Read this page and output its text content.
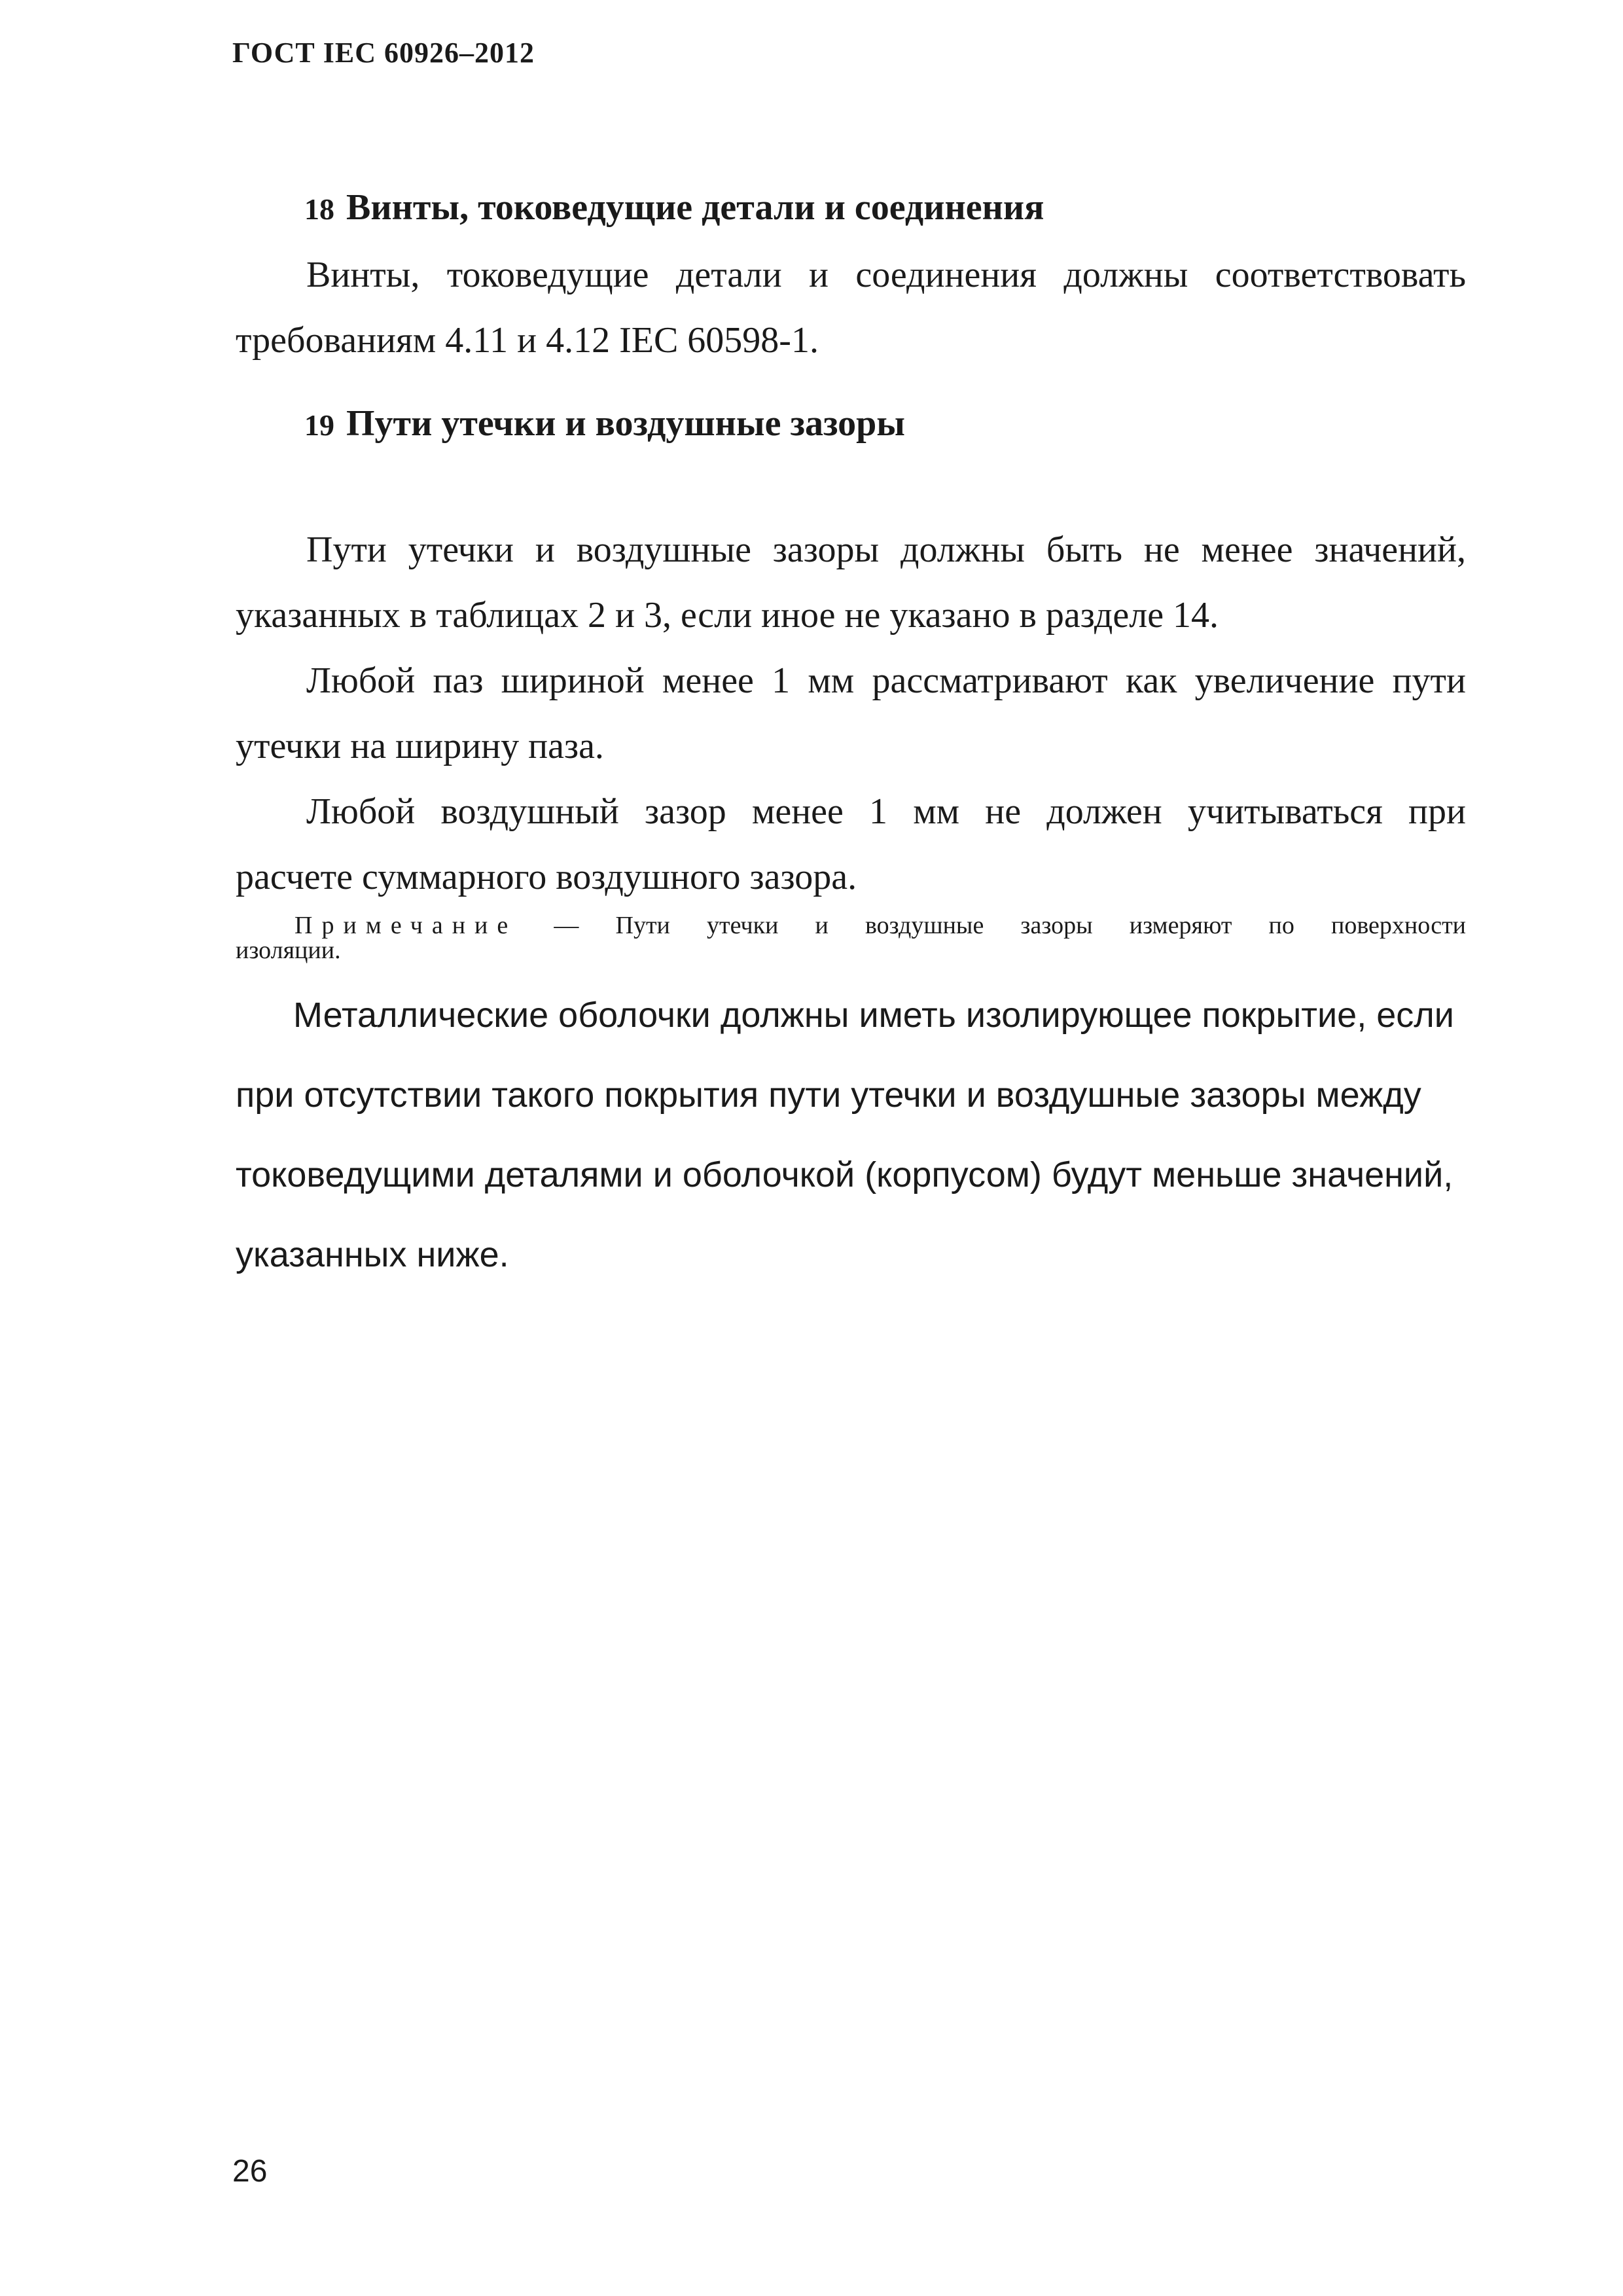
ГОСТ IEC 60926–2012
18 Винты, токоведущие детали и соединения
Винты, токоведущие детали и соединения должны соответствовать
требованиям 4.11 и 4.12 IEC 60598-1.
19 Пути утечки и воздушные зазоры
Пути утечки и воздушные зазоры должны быть не менее значений,
указанных в таблицах 2 и 3, если иное не указано в разделе 14.
Любой паз шириной менее 1 мм рассматривают как увеличение пути
утечки на ширину паза.
Любой воздушный зазор менее 1 мм не должен учитываться при
расчете суммарного воздушного зазора.
Примечание — Пути утечки и воздушные зазоры измеряют по поверхности
изоляции.
Металлические оболочки должны иметь изолирующее покрытие, если
при отсутствии такого покрытия пути утечки и воздушные зазоры между
токоведущими деталями и оболочкой (корпусом) будут меньше значений,
указанных ниже.
26
